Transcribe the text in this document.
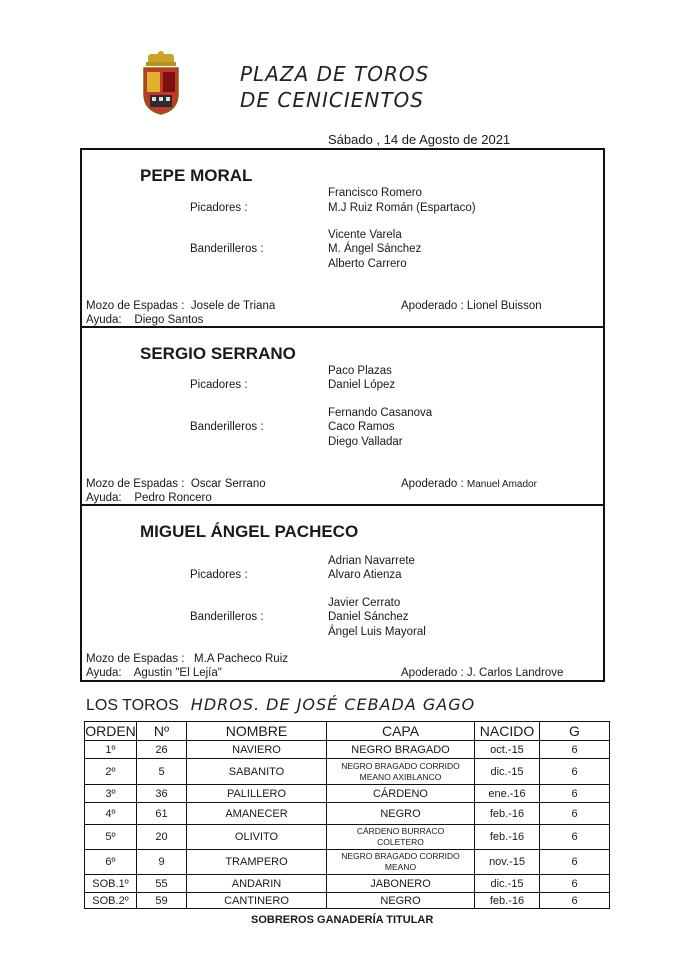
PLAZA DE TOROS
DE CENICIENTOS
Sábado , 14 de Agosto de 2021
PEPE MORAL
Francisco Romero
Picadores :	M.J Ruiz Román (Espartaco)
Vicente Varela
Banderilleros :	M. Ángel Sánchez
Alberto Carrero
Mozo de Espadas : Josele de Triana	Apoderado : Lionel Buisson
Ayuda: Diego Santos
SERGIO SERRANO
Paco Plazas
Picadores :	Daniel López
Fernando Casanova
Banderilleros :	Caco Ramos
Diego Valladar
Mozo de Espadas : Oscar Serrano	Apoderado : Manuel Amador
Ayuda: Pedro Roncero
MIGUEL ÁNGEL PACHECO
Adrian Navarrete
Picadores :	Alvaro Atienza
Javier Cerrato
Banderilleros :	Daniel Sánchez
Ángel Luis Mayoral
Mozo de Espadas : M.A Pacheco Ruiz
Ayuda: Agustin "El Lejía"	Apoderado : J. Carlos Landrove
LOS TOROS HDROS. DE JOSÉ CEBADA GAGO
ORDEN	Nº	NOMBRE	CAPA	NACIDO	G
1º	26	NAVIERO	NEGRO BRAGADO	oct.-15	6
2º	5	SABANITO	NEGRO BRAGADO CORRIDO
MEANO AXIBLANCO	dic.-15	6
3º	36	PALILLERO	CÁRDENO	ene.-16	6
4º	61	AMANECER	NEGRO	feb.-16	6
5º	20	OLIVITO	CÁRDENO BURRACO
COLETERO	feb.-16	6
6º	9	TRAMPERO	NEGRO BRAGADO CORRIDO
MEANO	nov.-15	6
SOB.1º	55	ANDARIN	JABONERO	dic.-15	6
SOB.2º	59	CANTINERO	NEGRO	feb.-16	6
SOBREROS GANADERÍA TITULAR
